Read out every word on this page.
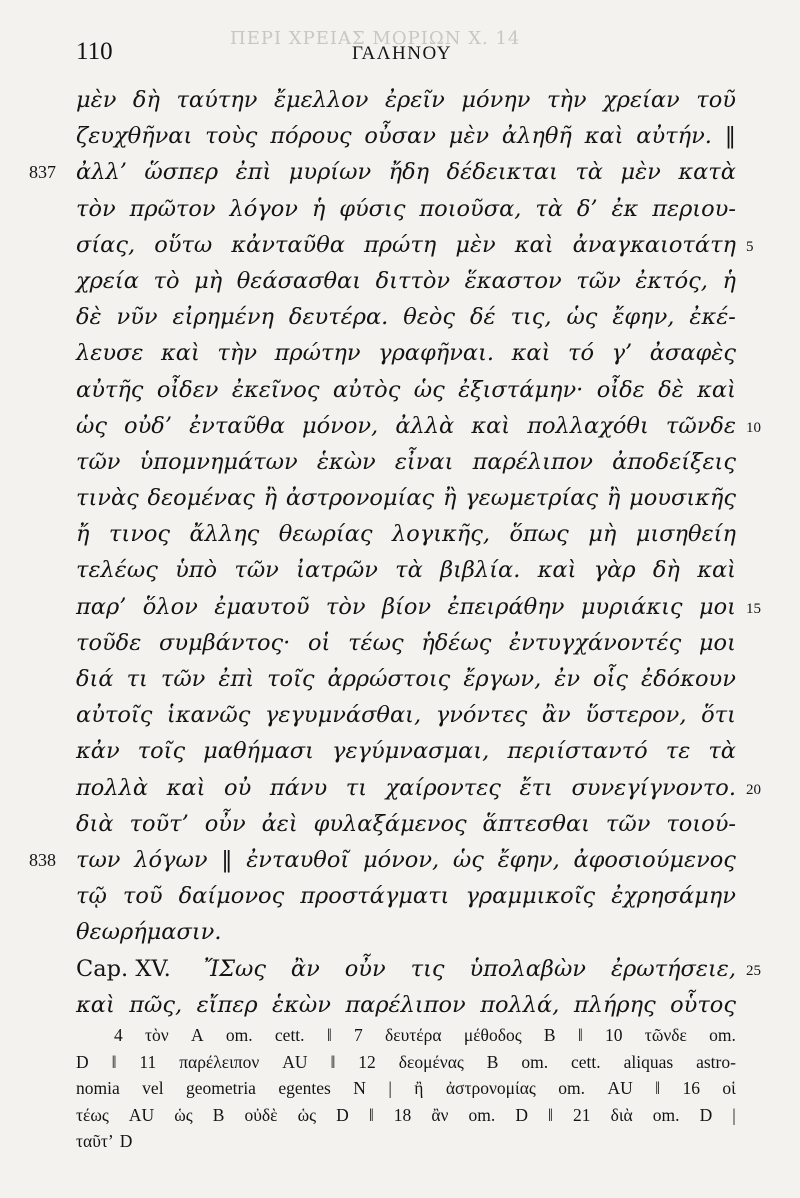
ΠΕΡΙ ΧΡΕΙΑΣ ΜΟΡΙΩΝ Χ. 14
110	ΓΑΛΗΝΟΥ
μὲν δὴ ταύτην ἔμελλον ἐρεῖν μόνην τὴν χρείαν τοῦ
ζευχθῆναι τοὺς πόρους οὖσαν μὲν ἀληθῆ καὶ αὐτήν. ‖
837 ἀλλ’ ὥσπερ ἐπὶ μυρίων ἤδη δέδεικται τὰ μὲν κατὰ
τὸν πρῶτον λόγον ἡ φύσις ποιοῦσα, τὰ δ’ ἐκ περιου-
σίας, οὕτω κἀνταῦθα πρώτη μὲν καὶ ἀναγκαιοτάτη 5
χρεία τὸ μὴ θεάσασθαι διττὸν ἕκαστον τῶν ἐκτός, ἡ
δὲ νῦν εἰρημένη δευτέρα. θεὸς δέ τις, ὡς ἔφην, ἐκέ-
λευσε καὶ τὴν πρώτην γραφῆναι. καὶ τό γ’ ἀσαφὲς
αὐτῆς οἶδεν ἐκεῖνος αὐτὸς ὡς ἐξιστάμην· οἶδε δὲ καὶ
ὡς οὐδ’ ἐνταῦθα μόνον, ἀλλὰ καὶ πολλαχόθι τῶνδε 10
τῶν ὑπομνημάτων ἑκὼν εἶναι παρέλιπον ἀποδείξεις
τινὰς δεομένας ἢ ἀστρονομίας ἢ γεωμετρίας ἢ μουσικῆς
ἤ τινος ἄλλης θεωρίας λογικῆς, ὅπως μὴ μισηθείη
τελέως ὑπὸ τῶν ἰατρῶν τὰ βιβλία. καὶ γὰρ δὴ καὶ
παρ’ ὅλον ἐμαυτοῦ τὸν βίον ἐπειράθην μυριάκις μοι 15
τοῦδε συμβάντος· οἱ τέως ἡδέως ἐντυγχάνοντές μοι
διά τι τῶν ἐπὶ τοῖς ἀρρώστοις ἔργων, ἐν οἷς ἐδόκουν
αὐτοῖς ἱκανῶς γεγυμνάσθαι, γνόντες ἂν ὕστερον, ὅτι
κἀν τοῖς μαθήμασι γεγύμνασμαι, περιίσταντό τε τὰ
πολλὰ καὶ οὐ πάνυ τι χαίροντες ἔτι συνεγίγνοντο. 20
διὰ τοῦτ’ οὖν ἀεὶ φυλαξάμενος ἅπτεσθαι τῶν τοιού-
838 των λόγων ‖ ἐνταυθοῖ μόνον, ὡς ἔφην, ἀφοσιούμενος
τῷ τοῦ δαίμονος προστάγματι γραμμικοῖς ἐχρησάμην
θεωρήμασιν.
Cap. XV. ἼΣως ἂν οὖν τις ὑπολαβὼν ἐρωτήσειε, 25
καὶ πῶς, εἴπερ ἑκὼν παρέλιπον πολλά, πλήρης οὗτος
4 τὸν A om. cett. ‖ 7 δευτέρα μέθοδος B ‖ 10 τῶνδε om.
D ‖ 11 παρέλειπον AU ‖ 12 δεομένας B om. cett. aliquas astro-
nomia vel geometria egentes N | ἢ ἀστρονομίας om. AU ‖ 16 οἱ
τέως AU ὡς B οὐδὲ ὡς D ‖ 18 ἂν om. D ‖ 21 διὰ om. D |
ταῦτ’ D
